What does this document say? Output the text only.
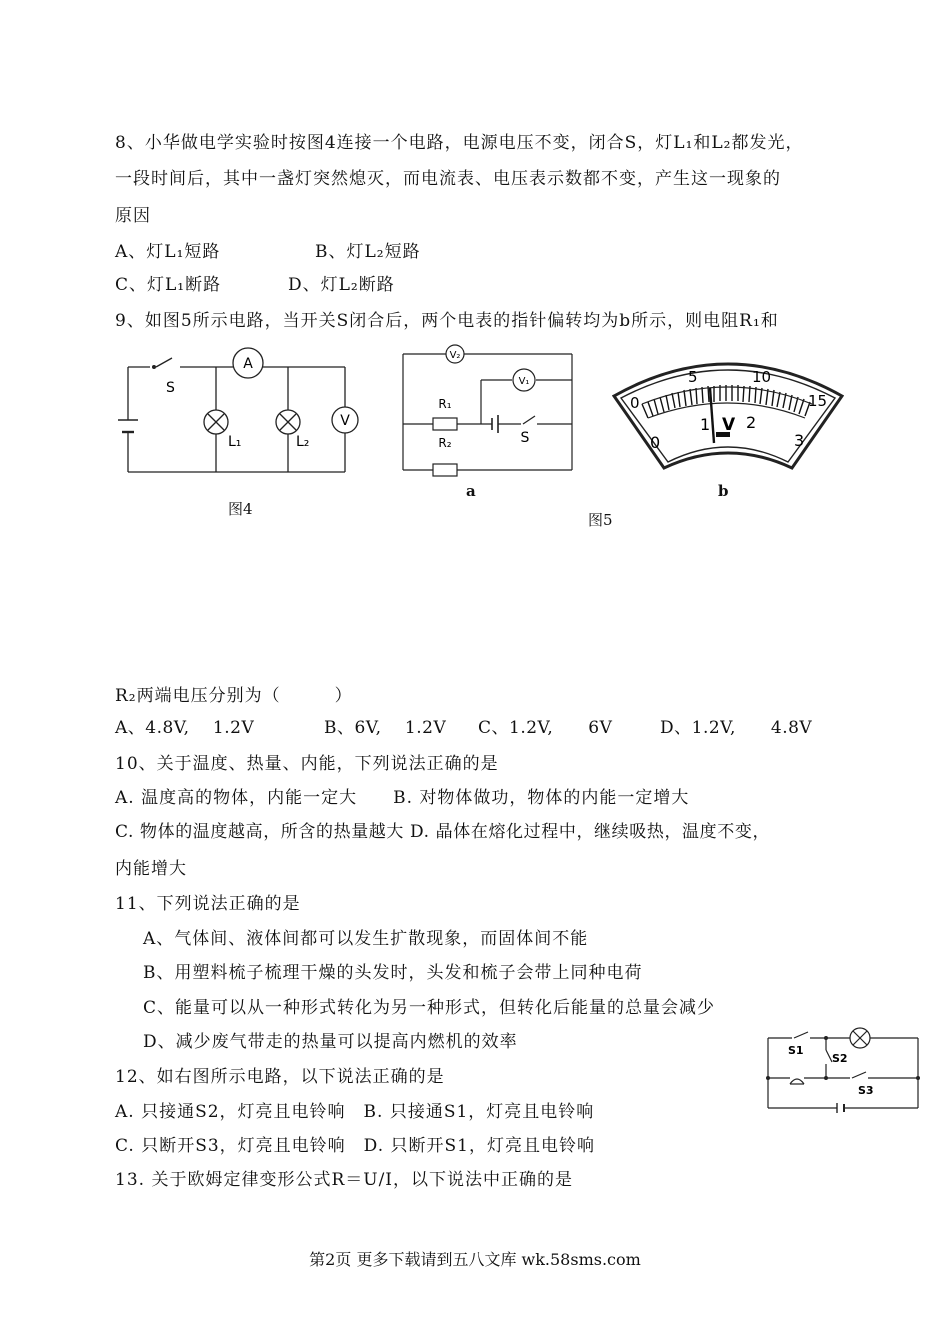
8、小华做电学实验时按图4连接一个电路，电源电压不变，闭合S，灯L₁和L₂都发光，
一段时间后，其中一盏灯突然熄灭，而电流表、电压表示数都不变，产生这一现象的
原因
A、灯L₁短路	B、灯L₂短路
C、灯L₁断路	D、灯L₂断路
9、如图5所示电路，当开关S闭合后，两个电表的指针偏转均为b所示，则电阻R₁和
A
V
S
L₁	L₂
图4
V₂
V₁
R₁
R₂	S
a
0
5	10
15
0
1 2
3
V
b
图5
R₂两端电压分别为（　　　）
A、4.8V,　 1.2V	B、6V,　 1.2V C、1.2V,　　6V	D、1.2V,　　4.8V
10、关于温度、热量、内能，下列说法正确的是
A. 温度高的物体，内能一定大　　B. 对物体做功，物体的内能一定增大
C. 物体的温度越高，所含的热量越大 D. 晶体在熔化过程中，继续吸热，温度不变，
内能增大
11、下列说法正确的是
A、气体间、液体间都可以发生扩散现象，而固体间不能
B、用塑料梳子梳理干燥的头发时，头发和梳子会带上同种电荷
C、能量可以从一种形式转化为另一种形式，但转化后能量的总量会减少
D、减少废气带走的热量可以提高内燃机的效率	S1
S2
S3
12、如右图所示电路，以下说法正确的是
A. 只接通S2，灯亮且电铃响　B. 只接通S1，灯亮且电铃响
C. 只断开S3，灯亮且电铃响　D. 只断开S1，灯亮且电铃响
13. 关于欧姆定律变形公式R＝U/I，以下说法中正确的是
第2页 更多下载请到五八文库 wk.58sms.com
